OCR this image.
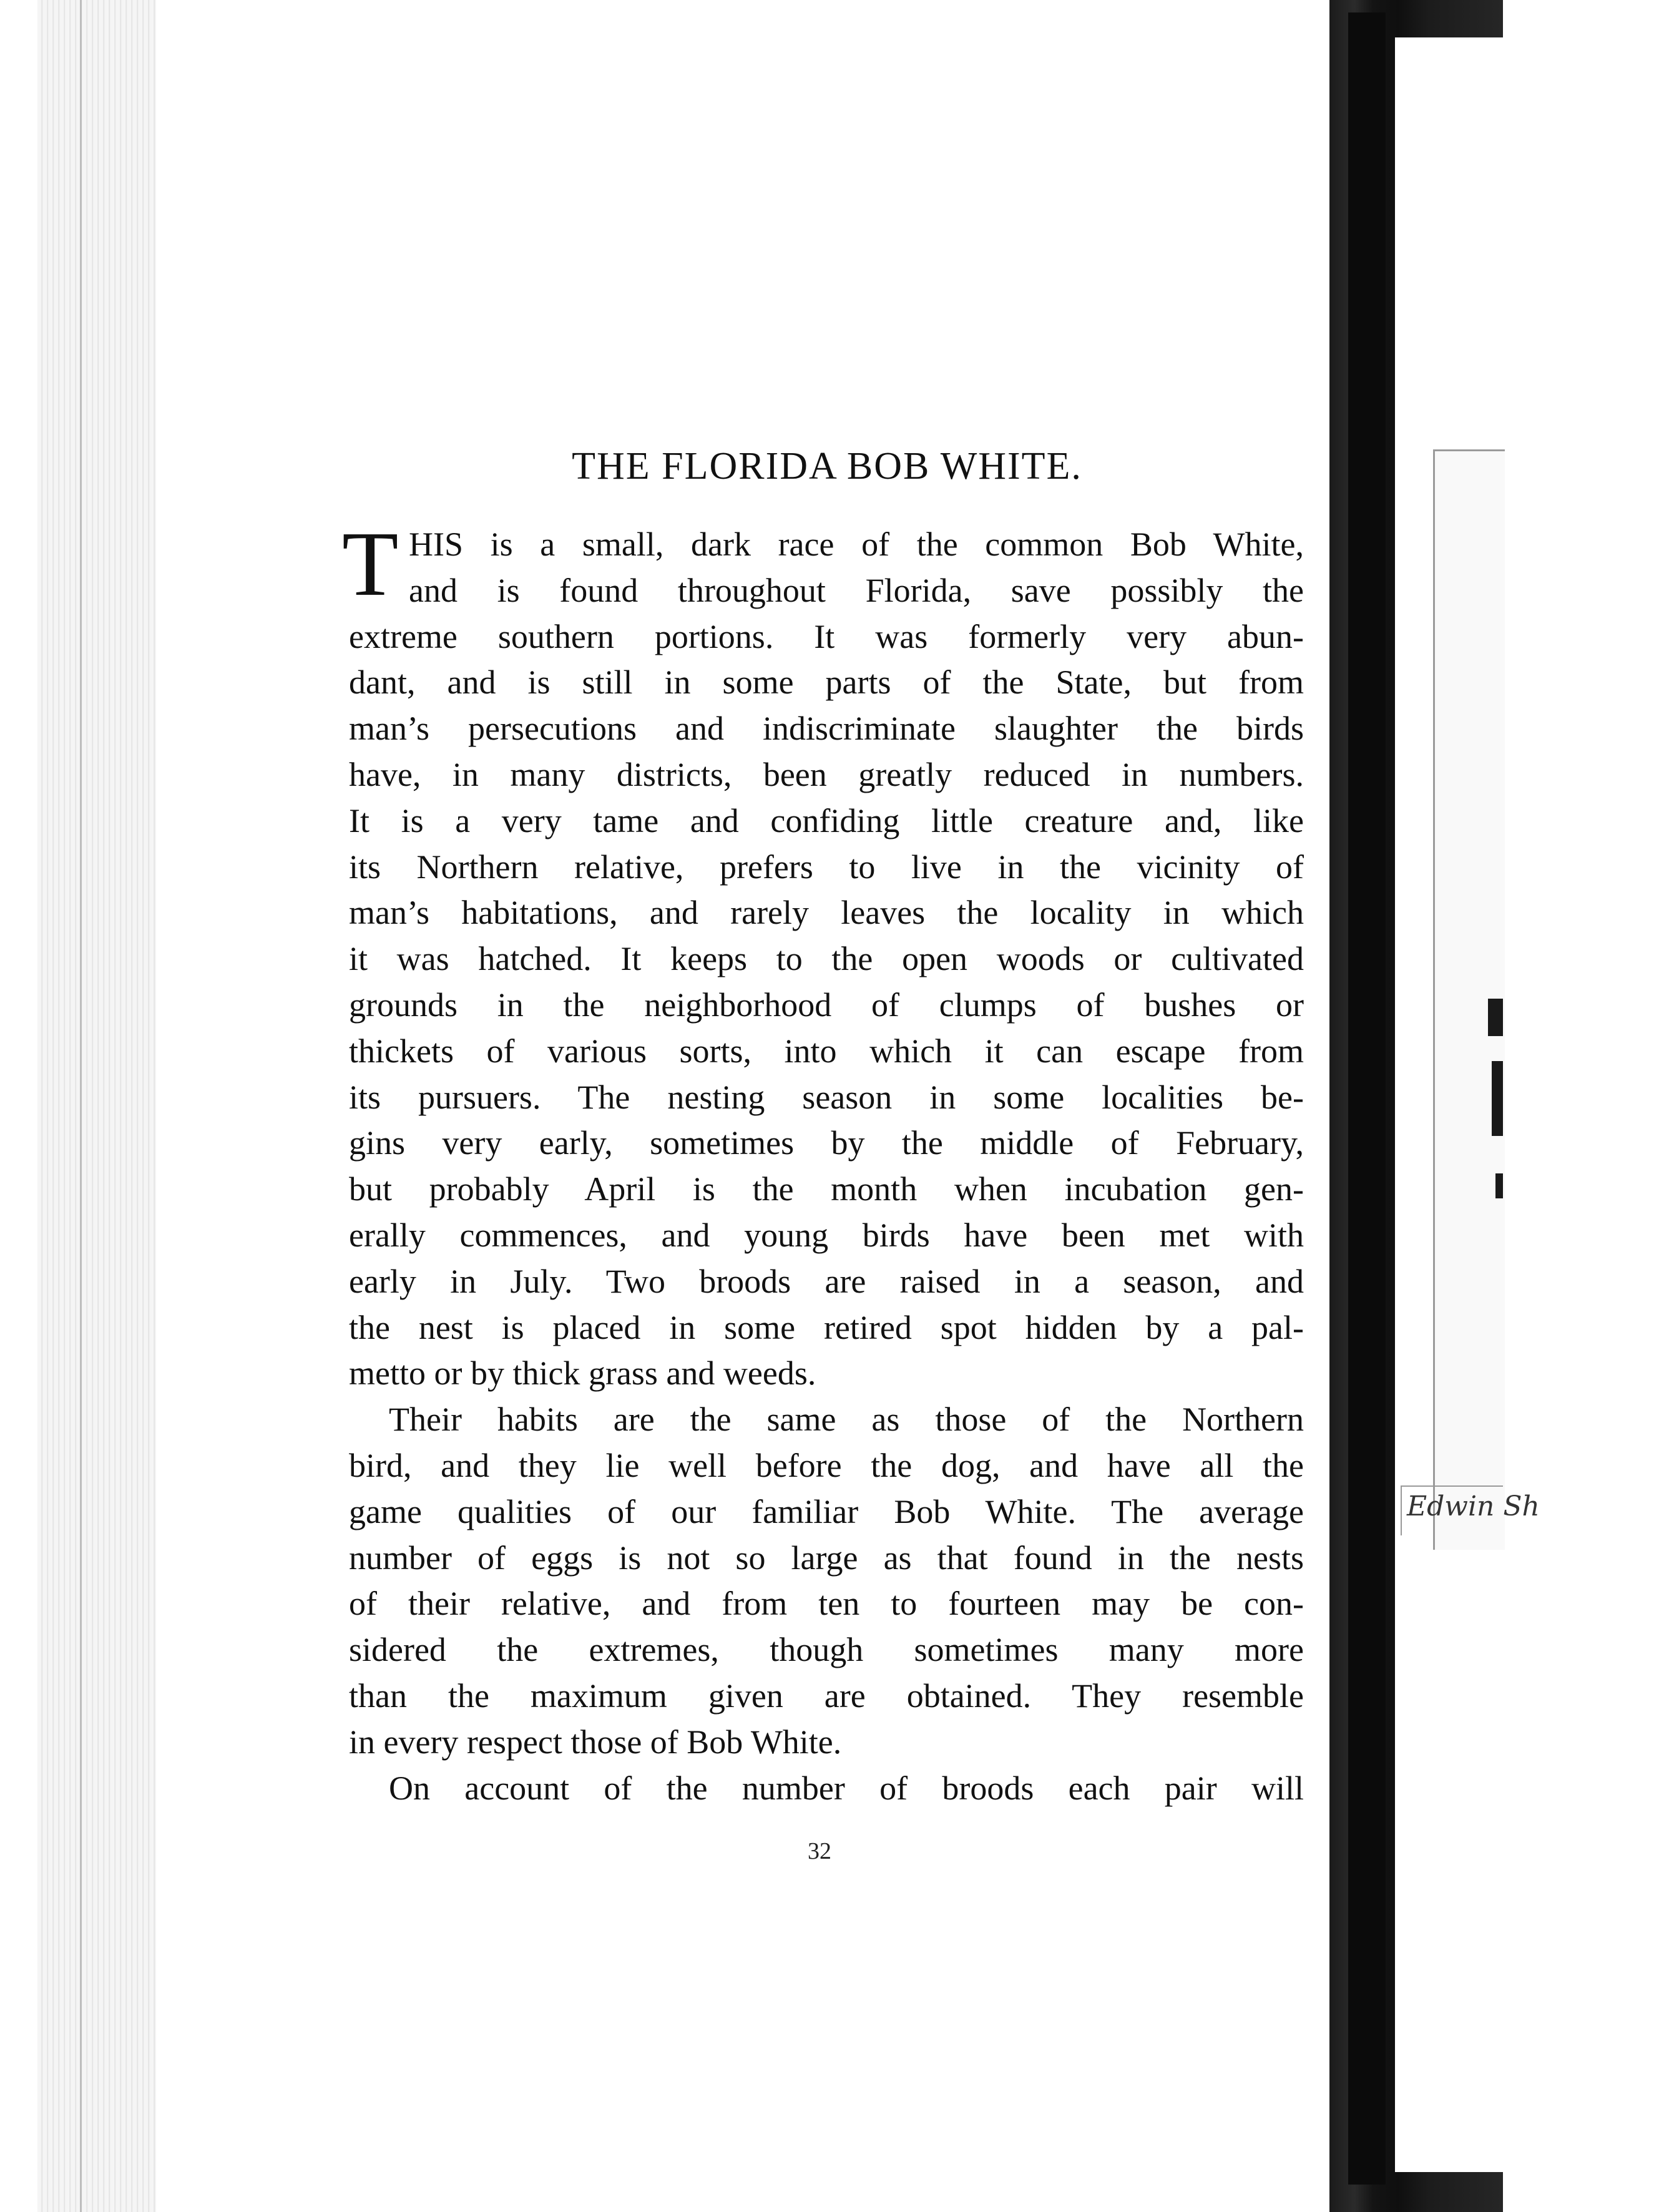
Edwin Sh
THE FLORIDA BOB WHITE.
T HIS is a small, dark race of the common Bob White,
and is found throughout Florida, save possibly the
extreme southern portions. It was formerly very abun-
dant, and is still in some parts of the State, but from
man’s persecutions and indiscriminate slaughter the birds
have, in many districts, been greatly reduced in numbers.
It is a very tame and confiding little creature and, like
its Northern relative, prefers to live in the vicinity of
man’s habitations, and rarely leaves the locality in which
it was hatched. It keeps to the open woods or cultivated
grounds in the neighborhood of clumps of bushes or
thickets of various sorts, into which it can escape from
its pursuers. The nesting season in some localities be-
gins very early, sometimes by the middle of February,
but probably April is the month when incubation gen-
erally commences, and young birds have been met with
early in July. Two broods are raised in a season, and
the nest is placed in some retired spot hidden by a pal-
metto or by thick grass and weeds.
Their habits are the same as those of the Northern
bird, and they lie well before the dog, and have all the
game qualities of our familiar Bob White. The average
number of eggs is not so large as that found in the nests
of their relative, and from ten to fourteen may be con-
sidered the extremes, though sometimes many more
than the maximum given are obtained. They resemble
in every respect those of Bob White.
On account of the number of broods each pair will
32
